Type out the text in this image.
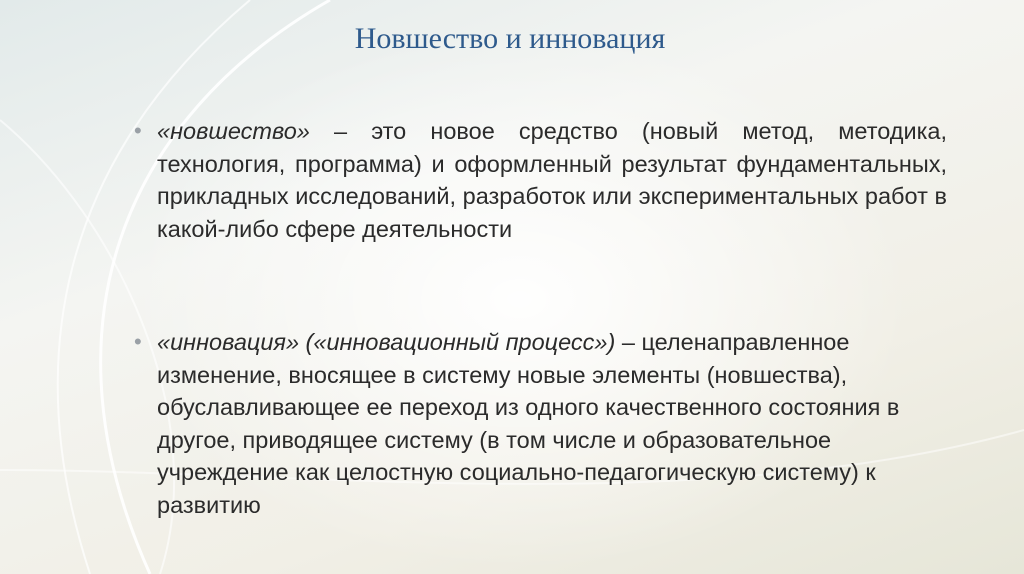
Новшество и инновация
• «новшество» – это новое средство (новый метод, методика, технология, программа) и оформленный результат фундаментальных, прикладных исследований, разработок или экспериментальных работ в какой-либо сфере деятельности
• «инновация» («инновационный процесс») – целенаправленное изменение, вносящее в систему новые элементы (новшества), обуславливающее ее переход из одного качественного состояния в другое, приводящее систему (в том числе и образовательное учреждение как целостную социально-педагогическую систему) к развитию
